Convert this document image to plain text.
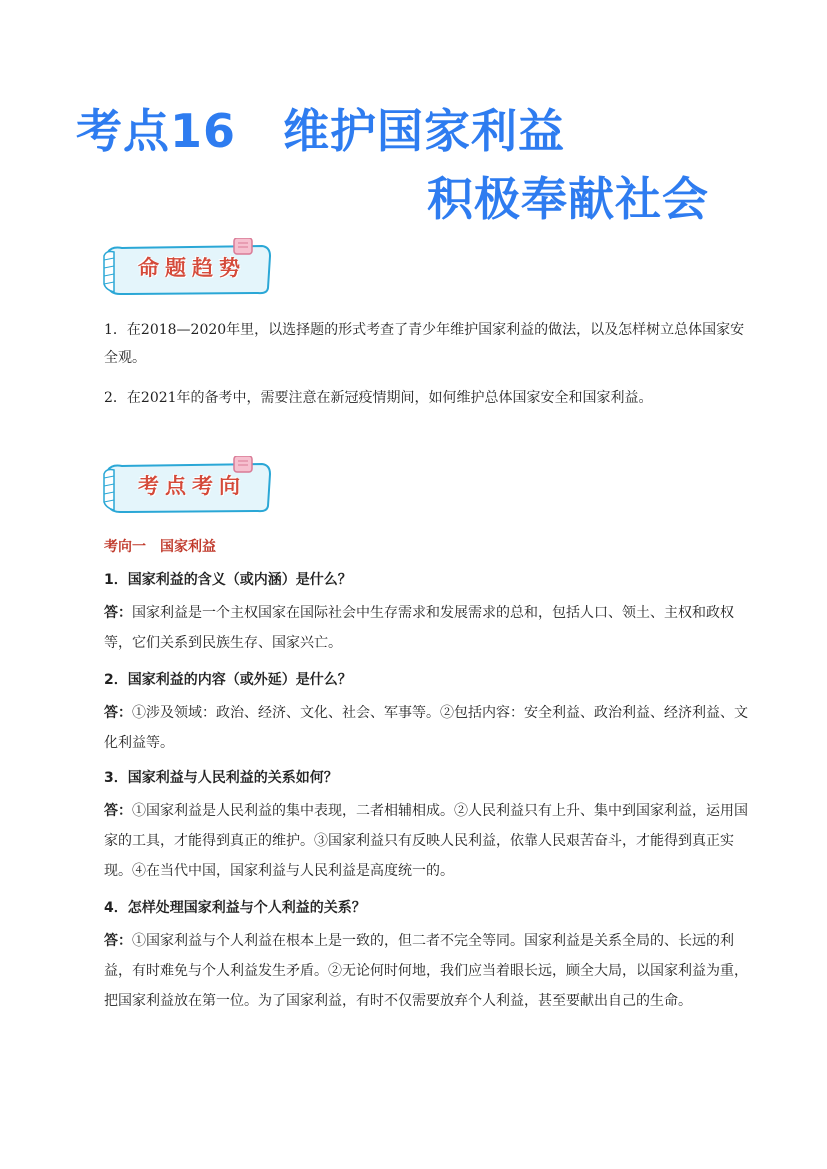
考点16　维护国家利益
积极奉献社会
命题趋势

1．在2018—2020年里，以选择题的形式考查了青少年维护国家利益的做法，以及怎样树立总体国家安全观。

2．在2021年的备考中，需要注意在新冠疫情期间，如何维护总体国家安全和国家利益。

考点考向
考向一　国家利益
1．国家利益的含义（或内涵）是什么？
答：国家利益是一个主权国家在国际社会中生存需求和发展需求的总和，包括人口、领土、主权和政权等，它们关系到民族生存、国家兴亡。
2．国家利益的内容（或外延）是什么？
答：①涉及领域：政治、经济、文化、社会、军事等。②包括内容：安全利益、政治利益、经济利益、文化利益等。
3．国家利益与人民利益的关系如何？
答：①国家利益是人民利益的集中表现，二者相辅相成。②人民利益只有上升、集中到国家利益，运用国家的工具，才能得到真正的维护。③国家利益只有反映人民利益，依靠人民艰苦奋斗，才能得到真正实现。④在当代中国，国家利益与人民利益是高度统一的。
4．怎样处理国家利益与个人利益的关系？
答：①国家利益与个人利益在根本上是一致的，但二者不完全等同。国家利益是关系全局的、长远的利益，有时难免与个人利益发生矛盾。②无论何时何地，我们应当着眼长远，顾全大局，以国家利益为重，把国家利益放在第一位。为了国家利益，有时不仅需要放弃个人利益，甚至要献出自己的生命。
